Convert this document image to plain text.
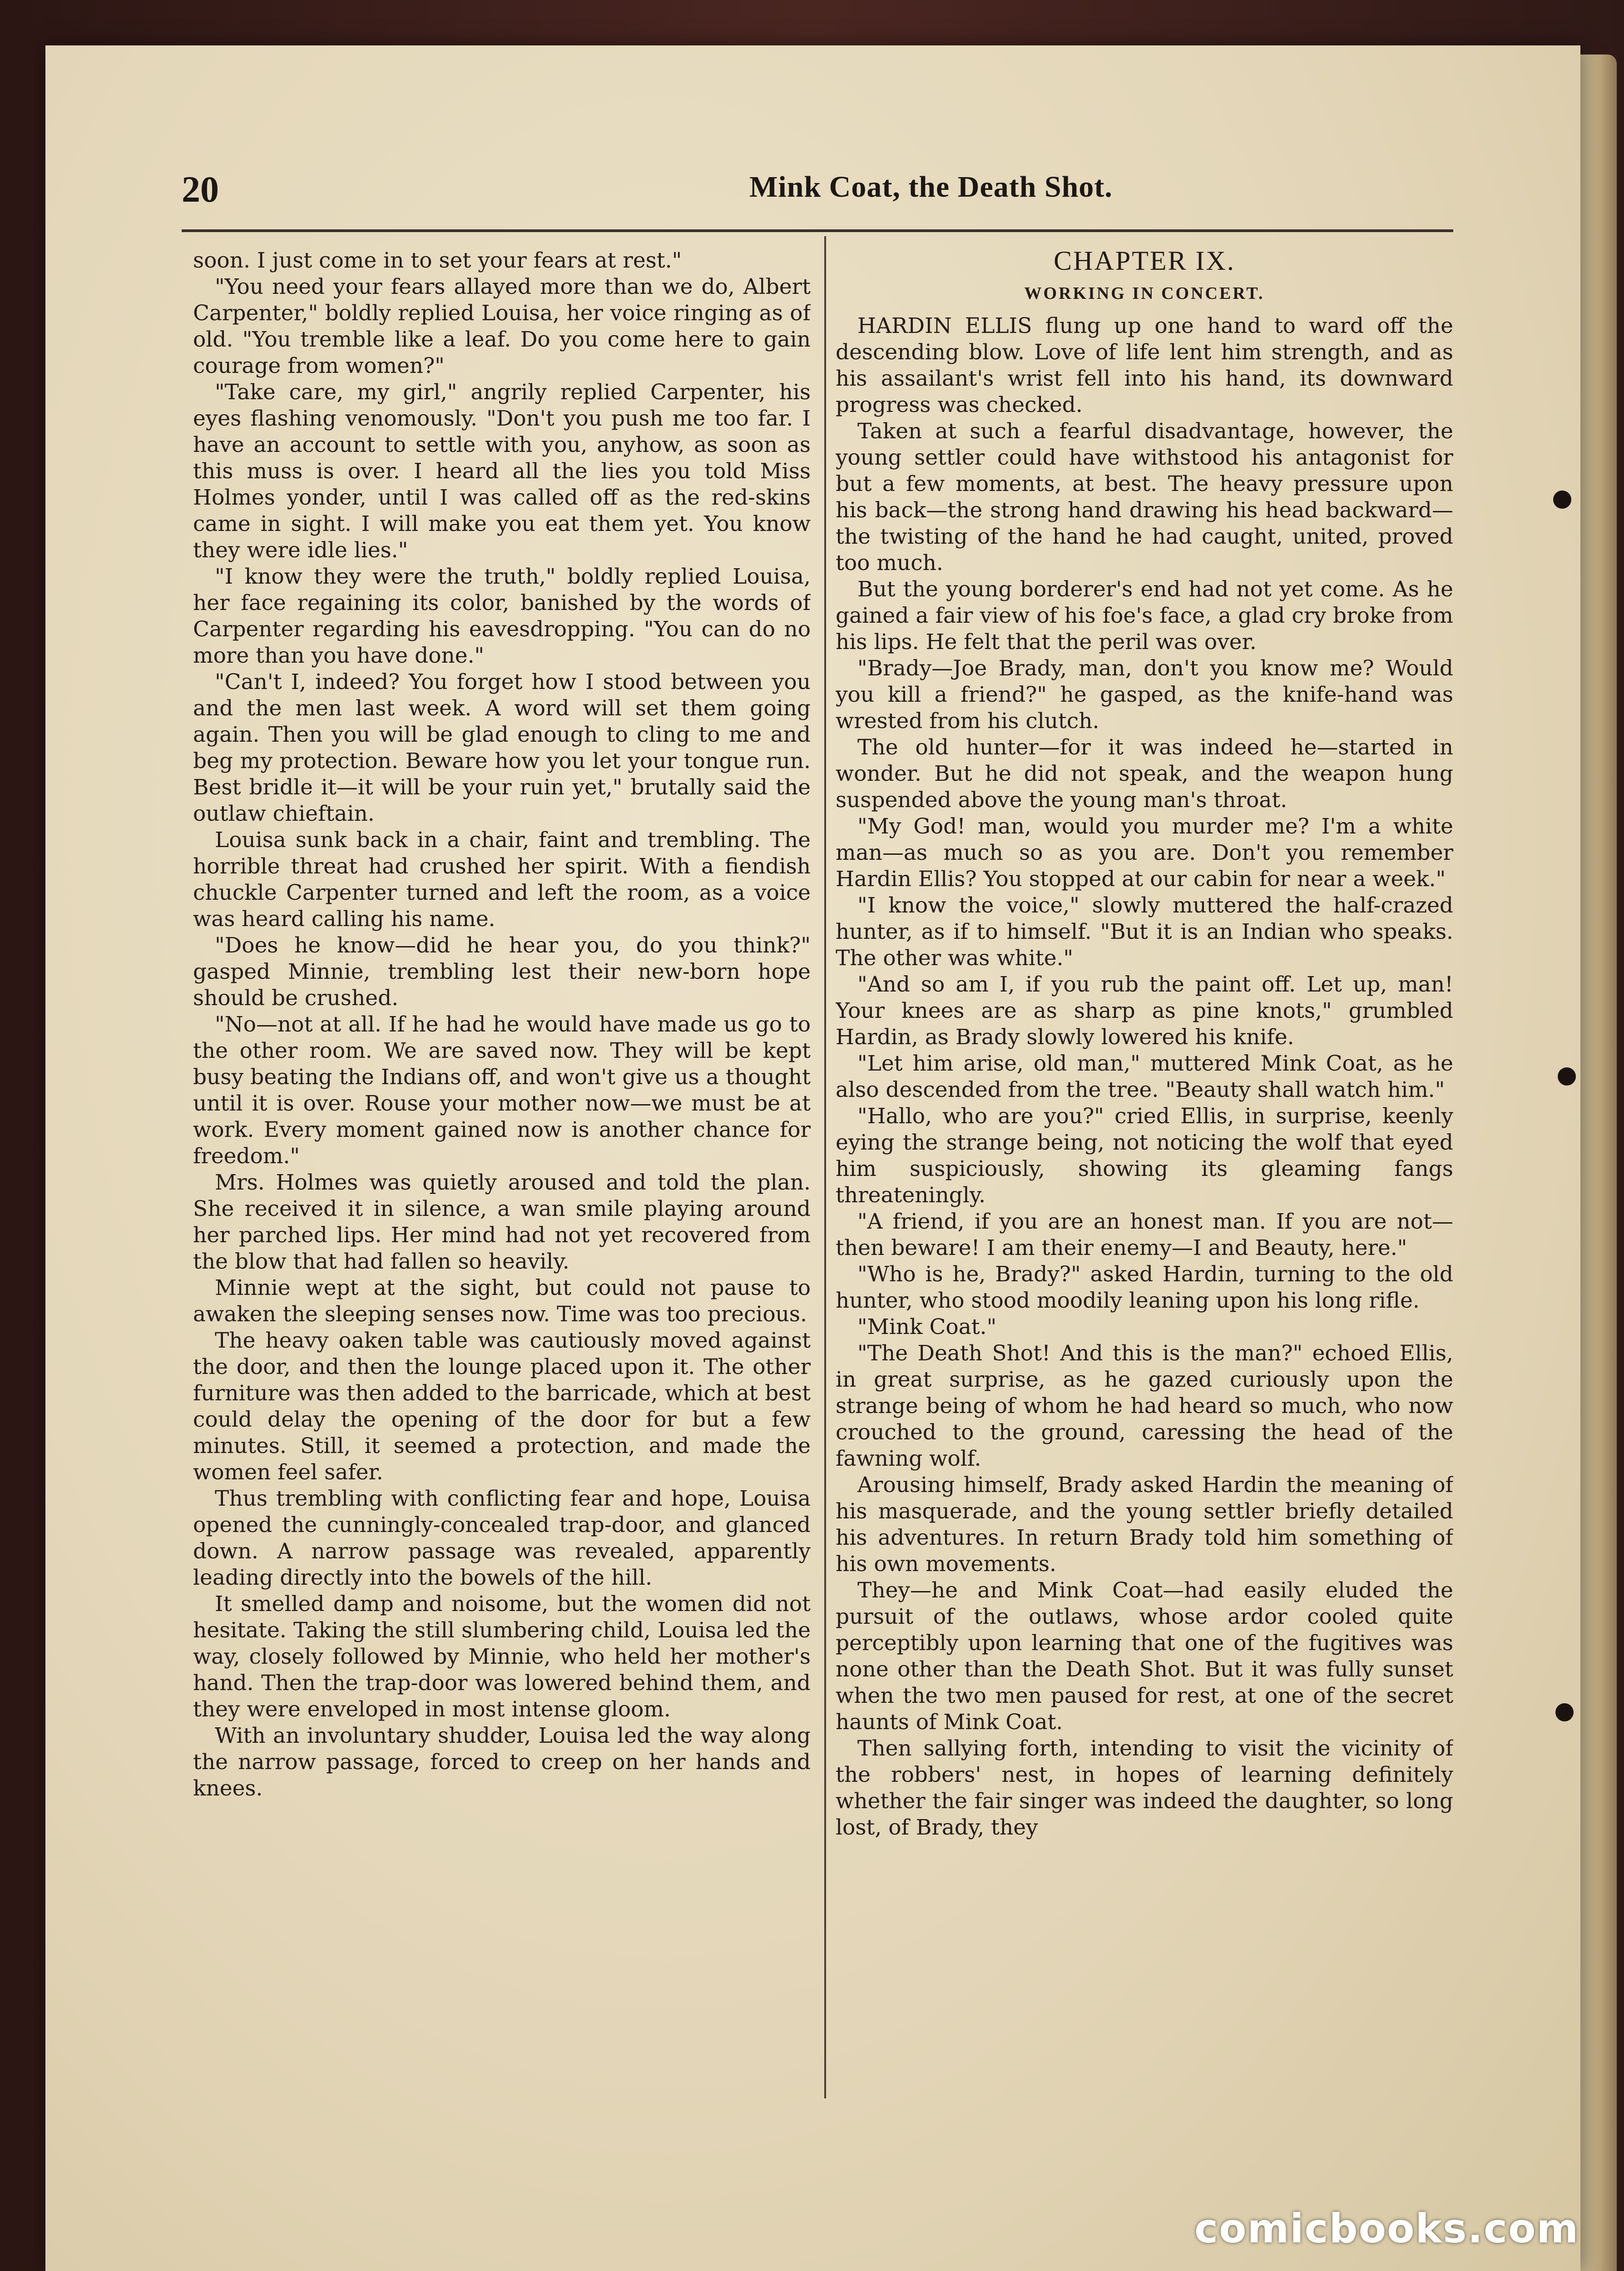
20	Mink Coat, the Death Shot.

soon. I just come in to set your fears at rest."

"You need your fears allayed more than we do, Albert Carpenter," boldly replied Louisa, her voice ringing as of old. "You tremble like a leaf. Do you come here to gain courage from women?"

"Take care, my girl," angrily replied Carpenter, his eyes flashing venomously. "Don't you push me too far. I have an account to settle with you, anyhow, as soon as this muss is over. I heard all the lies you told Miss Holmes yonder, until I was called off as the red-skins came in sight. I will make you eat them yet. You know they were idle lies."

"I know they were the truth," boldly replied Louisa, her face regaining its color, banished by the words of Carpenter regarding his eavesdropping. "You can do no more than you have done."

"Can't I, indeed? You forget how I stood between you and the men last week. A word will set them going again. Then you will be glad enough to cling to me and beg my protection. Beware how you let your tongue run. Best bridle it—it will be your ruin yet," brutally said the outlaw chieftain.

Louisa sunk back in a chair, faint and trembling. The horrible threat had crushed her spirit. With a fiendish chuckle Carpenter turned and left the room, as a voice was heard calling his name.

"Does he know—did he hear you, do you think?" gasped Minnie, trembling lest their new-born hope should be crushed.

"No—not at all. If he had he would have made us go to the other room. We are saved now. They will be kept busy beating the Indians off, and won't give us a thought until it is over. Rouse your mother now—we must be at work. Every moment gained now is another chance for freedom."

Mrs. Holmes was quietly aroused and told the plan. She received it in silence, a wan smile playing around her parched lips. Her mind had not yet recovered from the blow that had fallen so heavily.

Minnie wept at the sight, but could not pause to awaken the sleeping senses now. Time was too precious.

The heavy oaken table was cautiously moved against the door, and then the lounge placed upon it. The other furniture was then added to the barricade, which at best could delay the opening of the door for but a few minutes. Still, it seemed a protection, and made the women feel safer.

Thus trembling with conflicting fear and hope, Louisa opened the cunningly-concealed trap-door, and glanced down. A narrow passage was revealed, apparently leading directly into the bowels of the hill.

It smelled damp and noisome, but the women did not hesitate. Taking the still slumbering child, Louisa led the way, closely followed by Minnie, who held her mother's hand. Then the trap-door was lowered behind them, and they were enveloped in most intense gloom.

With an involuntary shudder, Louisa led the way along the narrow passage, forced to creep on her hands and knees.

CHAPTER IX.
WORKING IN CONCERT.

HARDIN ELLIS flung up one hand to ward off the descending blow. Love of life lent him strength, and as his assailant's wrist fell into his hand, its downward progress was checked.

Taken at such a fearful disadvantage, however, the young settler could have withstood his antagonist for but a few moments, at best. The heavy pressure upon his back—the strong hand drawing his head backward—the twisting of the hand he had caught, united, proved too much.

But the young borderer's end had not yet come. As he gained a fair view of his foe's face, a glad cry broke from his lips. He felt that the peril was over.

"Brady—Joe Brady, man, don't you know me? Would you kill a friend?" he gasped, as the knife-hand was wrested from his clutch.

The old hunter—for it was indeed he—started in wonder. But he did not speak, and the weapon hung suspended above the young man's throat.

"My God! man, would you murder me? I'm a white man—as much so as you are. Don't you remember Hardin Ellis? You stopped at our cabin for near a week."

"I know the voice," slowly muttered the half-crazed hunter, as if to himself. "But it is an Indian who speaks. The other was white."

"And so am I, if you rub the paint off. Let up, man! Your knees are as sharp as pine knots," grumbled Hardin, as Brady slowly lowered his knife.

"Let him arise, old man," muttered Mink Coat, as he also descended from the tree. "Beauty shall watch him."

"Hallo, who are you?" cried Ellis, in surprise, keenly eying the strange being, not noticing the wolf that eyed him suspiciously, showing its gleaming fangs threateningly.

"A friend, if you are an honest man. If you are not—then beware! I am their enemy—I and Beauty, here."

"Who is he, Brady?" asked Hardin, turning to the old hunter, who stood moodily leaning upon his long rifle.

"Mink Coat."

"The Death Shot! And this is the man?" echoed Ellis, in great surprise, as he gazed curiously upon the strange being of whom he had heard so much, who now crouched to the ground, caressing the head of the fawning wolf.

Arousing himself, Brady asked Hardin the meaning of his masquerade, and the young settler briefly detailed his adventures. In return Brady told him something of his own movements.

They—he and Mink Coat—had easily eluded the pursuit of the outlaws, whose ardor cooled quite perceptibly upon learning that one of the fugitives was none other than the Death Shot. But it was fully sunset when the two men paused for rest, at one of the secret haunts of Mink Coat.

Then sallying forth, intending to visit the vicinity of the robbers' nest, in hopes of learning definitely whether the fair singer was indeed the daughter, so long lost, of Brady, they

comicbooks.com
